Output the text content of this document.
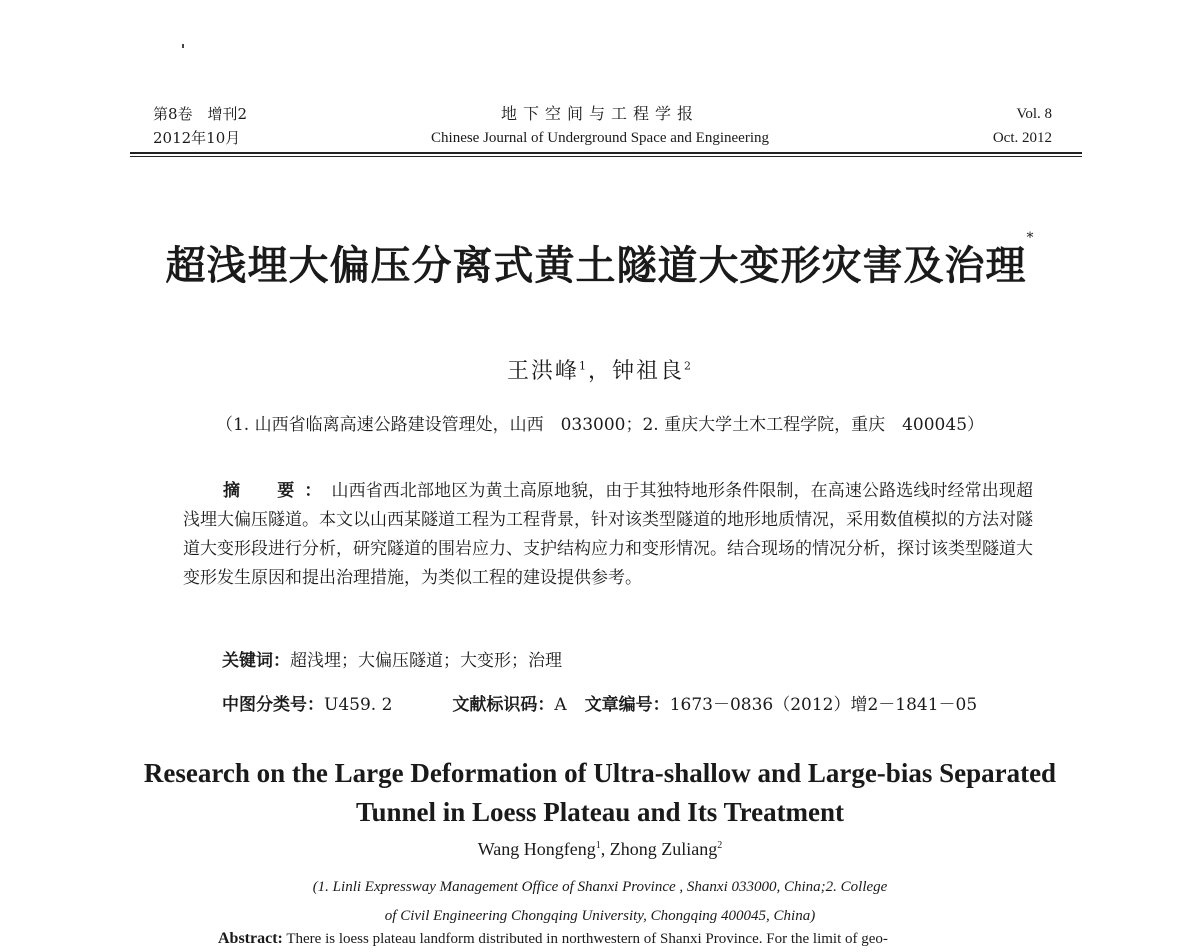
第8卷　增刊2
2012年10月
地下空间与工程学报
Chinese Journal of Underground Space and Engineering
Vol. 8
Oct. 2012
超浅埋大偏压分离式黄土隧道大变形灾害及治理*
王洪峰$^1$，钟祖良$^2$
（1. 山西省临离高速公路建设管理处，山西　033000；2. 重庆大学土木工程学院，重庆　400045）
摘　要：山西省西北部地区为黄土高原地貌，由于其独特地形条件限制，在高速公路选线时经常出现超浅埋大偏压隧道。本文以山西某隧道工程为工程背景，针对该类型隧道的地形地质情况，采用数值模拟的方法对隧道大变形段进行分析，研究隧道的围岩应力、支护结构应力和变形情况。结合现场的情况分析，探讨该类型隧道大变形发生原因和提出治理措施，为类似工程的建设提供参考。
关键词：超浅埋；大偏压隧道；大变形；治理
中图分类号：U459. 2	文献标识码：A 文章编号：1673－0836（2012）增2－1841－05
Research on the Large Deformation of Ultra-shallow and Large-bias Separated
Tunnel in Loess Plateau and Its Treatment
Wang Hongfeng$^1$, Zhong Zuliang$^2$
(1. Linli Expressway Management Office of Shanxi Province , Shanxi 033000, China;2. College
of Civil Engineering Chongqing University, Chongqing 400045, China)
Abstract: There is loess plateau landform distributed in northwestern of Shanxi Province. For the limit of geo-
